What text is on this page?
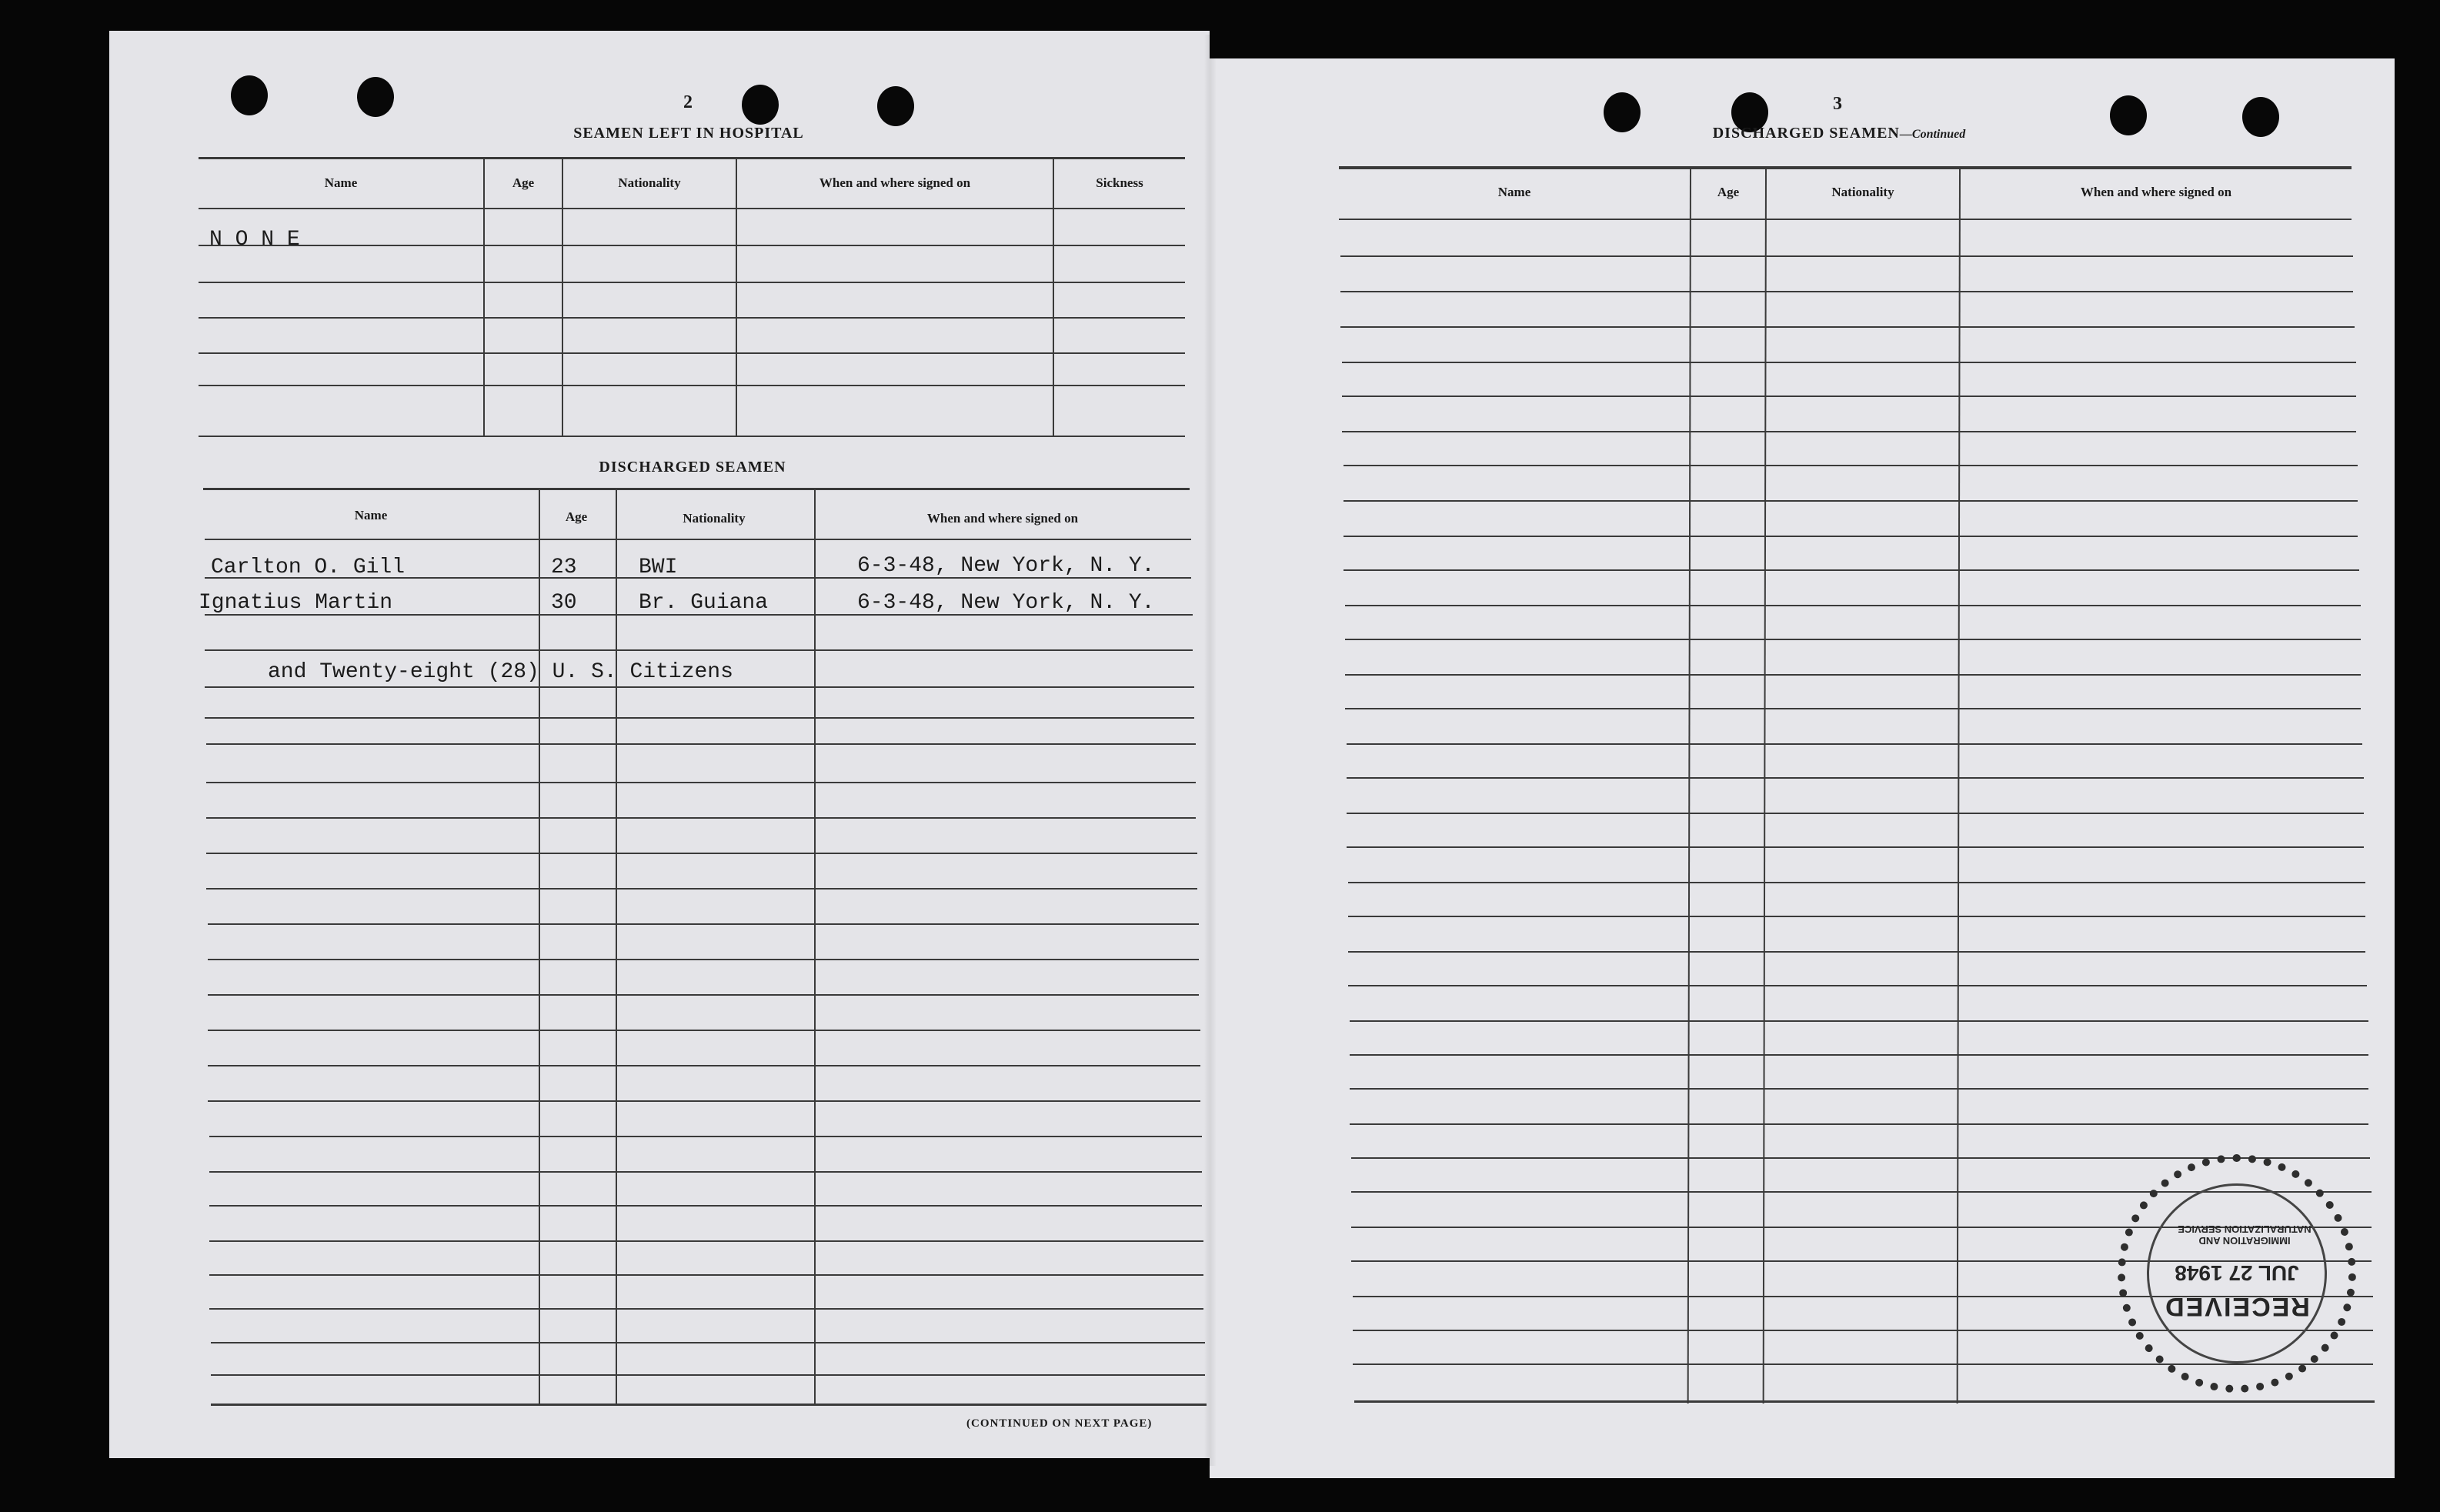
2
SEAMEN LEFT IN HOSPITAL
Name	Age	Nationality	When and where signed on	Sickness
N O N E
DISCHARGED SEAMEN
Name	Age	Nationality	When and where signed on
Carlton O. Gill	23	BWI	6-3-48, New York, N. Y.
Ignatius Martin	30	Br. Guiana	6-3-48, New York, N. Y.
and Twenty-eight (28) U. S. Citizens
(CONTINUED ON NEXT PAGE)
3
DISCHARGED SEAMEN—Continued
Name	Age	Nationality	When and where signed on
RECEIVED
JUL 27 1948
IMMIGRATION AND NATURALIZATION SERVICE
